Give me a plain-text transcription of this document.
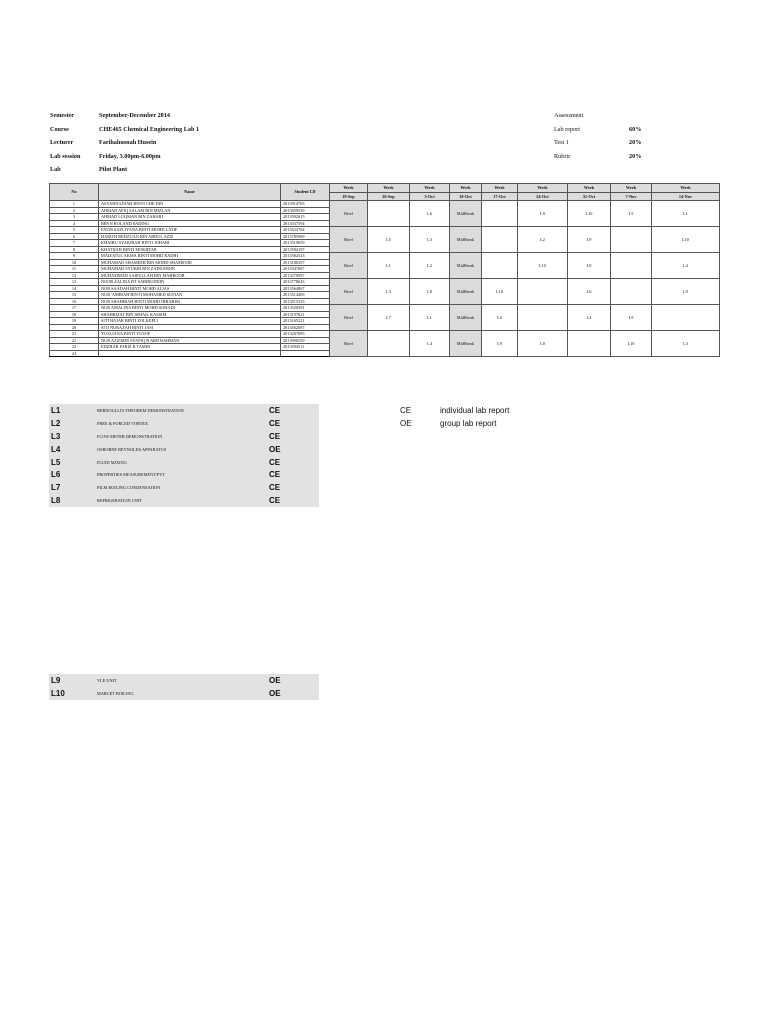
Semester	September-December 2014
Course	CHE465 Chemical Engineering Lab 1
Lecturer	Farihahusnah Husein
Lab session	Friday, 3.00pm-6.00pm
Lab	Pilot Plant
Assessment
Lab report	60%
Test 1	20%
Rubric	20%
No	Name	Student I.D	Week	Week	Week	Week	Week	Week	Week	Week	Week
			19-Sep	26-Sep	3-Oct	10-Oct	17-Oct	24-Oct	31-Oct	7-Nov	14-Nov
1	ASYAHNADIAH BINTI CHE DIN	2013914765	Brief		L6	MidBreak		L9	L10	L5	L1
2	AHMAD AFIQ SALAM BIN MIZLAN	2013959539									
3	AHMAD LUQMAN BIN ZAHARI	2013592615									
4	BRYN ROLAND SADING	2013537594									
5	FATIN SAZLIYANA BINTI MOHD LATIF	2013523764	Brief	L5	L3	MidBreak		L2	L9		L10
6	HARITH REDZUAN BIN ABDUL AZIZ	2013785969									
7	KHAIRU SYAKIRAH BINTI JOHARI	2013519659									
8	KHATIJAH BINTI MOKHTAR	2013594197									
9	MAIZATUL AKMA BINTI MOHD RADHI	2013582523	Brief	L1	L2	MidBreak		L10	L8		L4
10	MUHAMAD SHAMEER BIN MOHD SHAMSURI	2013186107									
11	MUHAMAD SYUKRI BIN ZAINUDDIN	2013547687									
12	MUHAMMAD SAIFULLAH BIN MAHBOOB	2013279587									
13	NOOR ZALINA BT SABIRUDDIN	2013778643	Brief	L3	L8	MidBreak	L10		L6		L9
14	NOR SAADAH BINTI MOHD ALIAS	2013564867									
15	NUR 'AMIRAH BINTI MOHAMED SUFIAN	2013514469									
16	NUR SHAHIRAH BINTI MOHD IBRAHIM	2013515525									
17	NUR AMALINA BINTI MOHD SOHADI	2013520591	Brief	L7	L1	MidBreak	L2		L4	L9	
18	SHAHRIZAT BIN ISMAIL KASSIM	2013197621									
19	SITI HAJAR BINTI ZOLKEPLI	2013165221									
20	SITI NURAZAH BINTI JASI	2013562687									
21	YUSLIANA BINTI YUSOF	2013207695	Brief		L4	MidBreak	L9	L8		L10	L3
22	NUR AZZIMIN SYAFIQ B ABD RAHMAN	2013996559									
23	EDZHAR FARIZ B TAMIN	2013594511									
24											
L1	BERNOULLI'S THEOREM DEMONSTRATION	CE
L2	FREE & FORCED VORTEX	CE
L3	FLOW METER DEMONSTRATION	CE
L4	OSBORNE REYNOLDS APPARATUS	OE
L5	FLUID MIXING	CE
L6	PROPERTIES MEASUREMENT/PVT	CE
L7	FILM BOILING CONDENSATION	CE
L8	REFRIGERATION UNIT	CE
L9	VLE UNIT	OE
L10	MARCET BOILING	OE
CE	individual lab report
OE	group lab report
